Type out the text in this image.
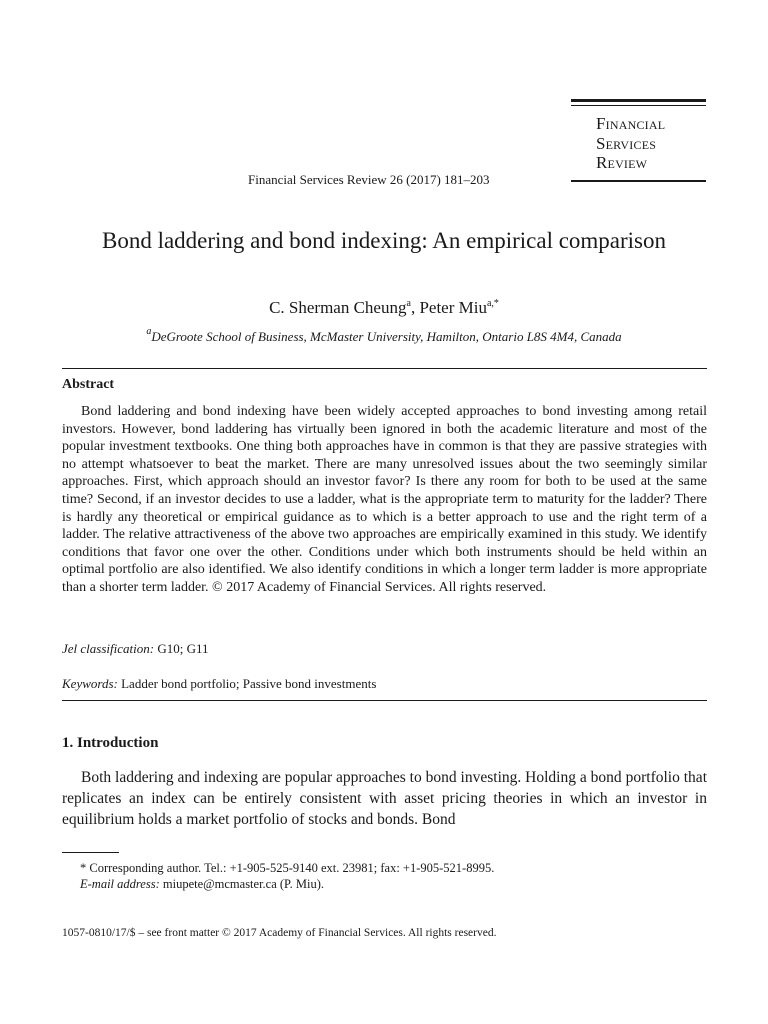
Financial
Services
Review
Financial Services Review 26 (2017) 181–203
Bond laddering and bond indexing: An empirical comparison
C. Sherman Cheung$^a$, Peter Miu$^{a,*}$
$^a$DeGroote School of Business, McMaster University, Hamilton, Ontario L8S 4M4, Canada
Abstract
Bond laddering and bond indexing have been widely accepted approaches to bond investing among retail investors. However, bond laddering has virtually been ignored in both the academic literature and most of the popular investment textbooks. One thing both approaches have in common is that they are passive strategies with no attempt whatsoever to beat the market. There are many unresolved issues about the two seemingly similar approaches. First, which approach should an investor favor? Is there any room for both to be used at the same time? Second, if an investor decides to use a ladder, what is the appropriate term to maturity for the ladder? There is hardly any theoretical or empirical guidance as to which is a better approach to use and the right term of a ladder. The relative attractiveness of the above two approaches are empirically examined in this study. We identify conditions that favor one over the other. Conditions under which both instruments should be held within an optimal portfolio are also identified. We also identify conditions in which a longer term ladder is more appropriate than a shorter term ladder. © 2017 Academy of Financial Services. All rights reserved.
Jel classification: G10; G11
Keywords: Ladder bond portfolio; Passive bond investments
1. Introduction
Both laddering and indexing are popular approaches to bond investing. Holding a bond portfolio that replicates an index can be entirely consistent with asset pricing theories in which an investor in equilibrium holds a market portfolio of stocks and bonds. Bond
* Corresponding author. Tel.: +1-905-525-9140 ext. 23981; fax: +1-905-521-8995.
E-mail address: miupete@mcmaster.ca (P. Miu).
1057-0810/17/$ – see front matter © 2017 Academy of Financial Services. All rights reserved.
